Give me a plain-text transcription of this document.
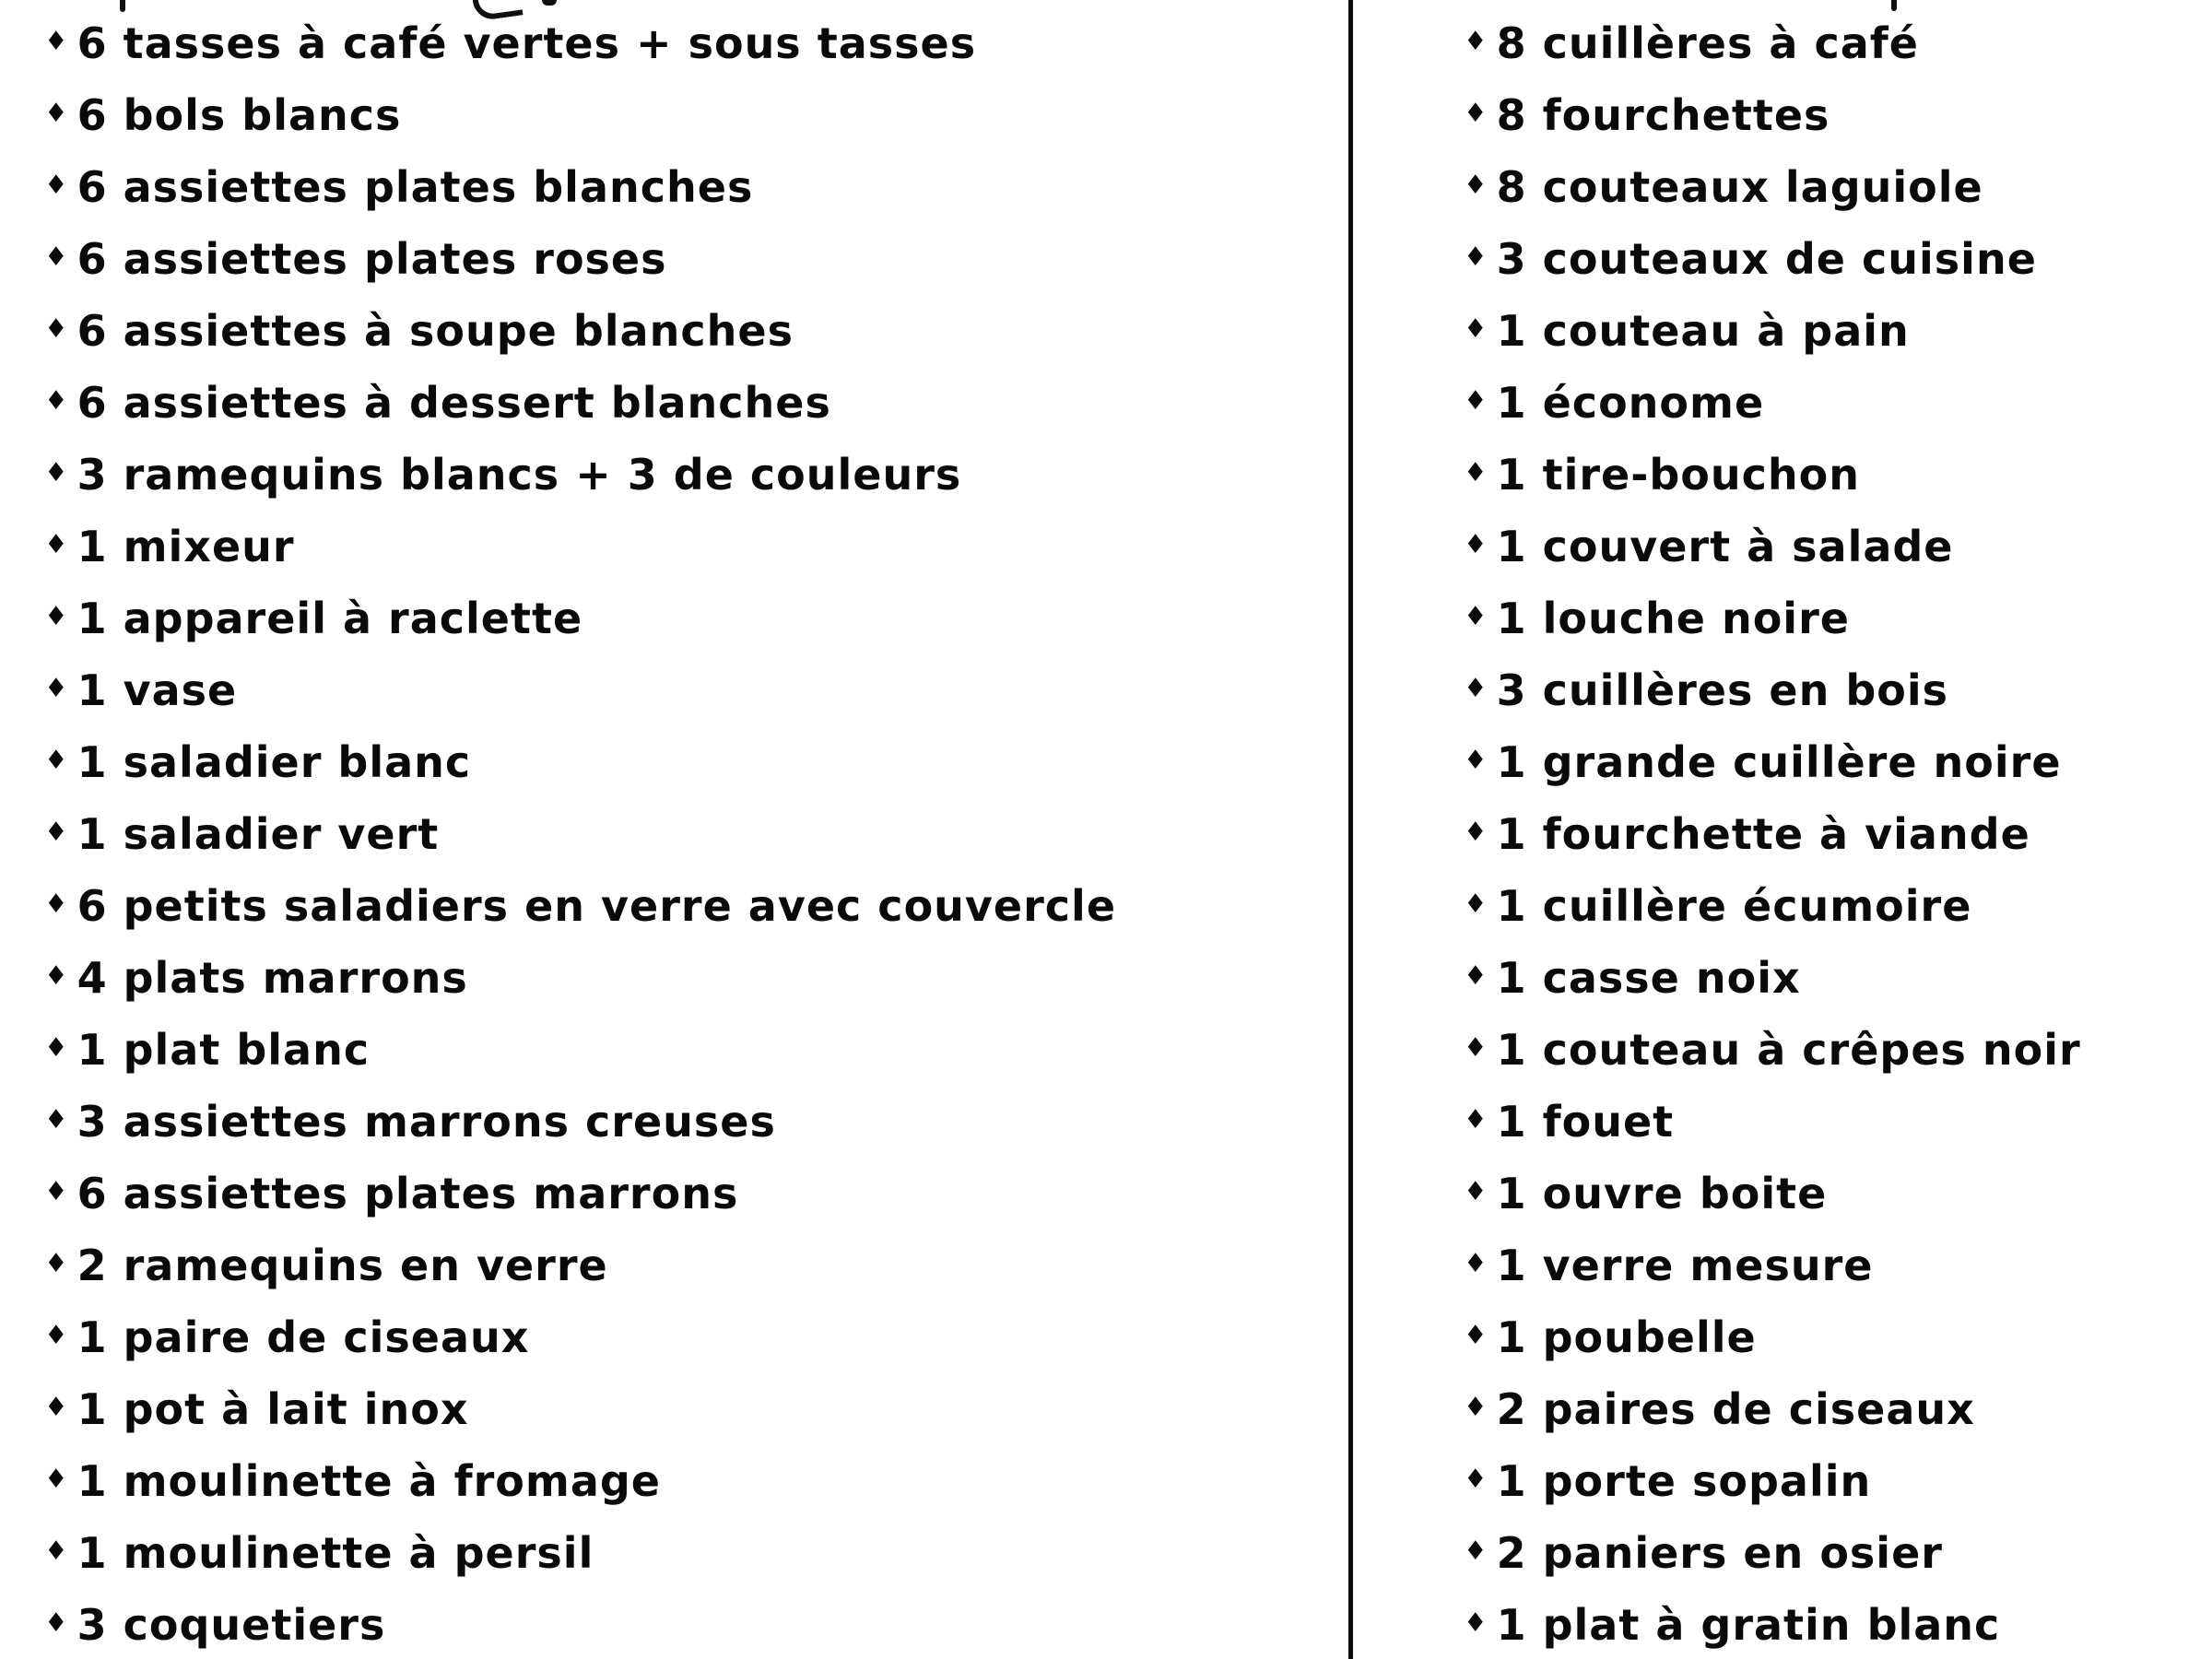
♦ 6 tasses à café vertes + sous tasses
♦ 6 bols blancs
♦ 6 assiettes plates blanches
♦ 6 assiettes plates roses
♦ 6 assiettes à soupe blanches
♦ 6 assiettes à dessert blanches
♦ 3 ramequins blancs + 3 de couleurs
♦ 1 mixeur
♦ 1 appareil à raclette
♦ 1 vase
♦ 1 saladier blanc
♦ 1 saladier vert
♦ 6 petits saladiers en verre avec couvercle
♦ 4 plats marrons
♦ 1 plat blanc
♦ 3 assiettes marrons creuses
♦ 6 assiettes plates marrons
♦ 2 ramequins en verre
♦ 1 paire de ciseaux
♦ 1 pot à lait inox
♦ 1 moulinette à fromage
♦ 1 moulinette à persil
♦ 3 coquetiers
♦ 8 cuillères à café
♦ 8 fourchettes
♦ 8 couteaux laguiole
♦ 3 couteaux de cuisine
♦ 1 couteau à pain
♦ 1 économe
♦ 1 tire-bouchon
♦ 1 couvert à salade
♦ 1 louche noire
♦ 3 cuillères en bois
♦ 1 grande cuillère noire
♦ 1 fourchette à viande
♦ 1 cuillère écumoire
♦ 1 casse noix
♦ 1 couteau à crêpes noir
♦ 1 fouet
♦ 1 ouvre boite
♦ 1 verre mesure
♦ 1 poubelle
♦ 2 paires de ciseaux
♦ 1 porte sopalin
♦ 2 paniers en osier
♦ 1 plat à gratin blanc
